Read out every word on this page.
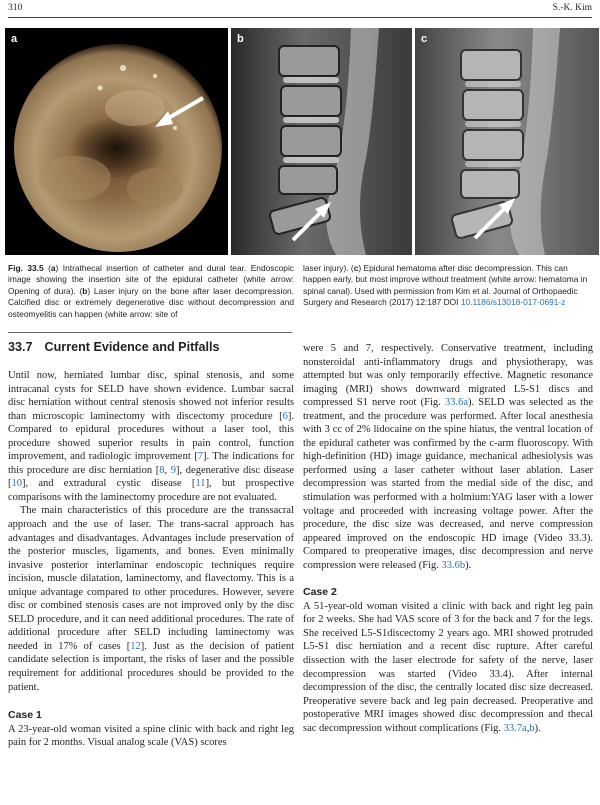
310	S.-K. Kim
a	b	c
Fig. 33.5 (a) Intrathecal insertion of catheter and dural tear. Endoscopic image showing the insertion site of the epidural catheter (white arrow: Opening of dura). (b) Laser injury on the bone after laser decompression. Calcified disc or extremely degenerative disc without decompression and osteomyelitis can happen (white arrow: site of
laser injury). (c) Epidural hematoma after disc decompression. This can happen early, but most improve without treatment (white arrow: hematoma in spinal canal). Used with permission from Kim et al. Journal of Orthopaedic Surgery and Research (2017) 12:187 DOI 10.1186/s13018-017-0691-z
33.7 Current Evidence and Pitfalls

Until now, herniated lumbar disc, spinal stenosis, and some intracanal cysts for SELD have shown evidence. Lumbar sacral disc herniation without central stenosis showed not inferior results than microscopic laminectomy with discectomy procedure [6]. Compared to epidural procedures without a laser tool, this procedure showed superior results in pain control, function improvement, and radiologic improvement [7]. The indications for this procedure are disc herniation [8, 9], degenerative disc disease [10], and extradural cystic disease [11], but prospective comparisons with the laminectomy procedure are not evaluated.

The main characteristics of this procedure are the transsacral approach and the use of laser. The trans-sacral approach has advantages and disadvantages. Advantages include preservation of the posterior muscles, ligaments, and bones. Even minimally invasive posterior interlaminar endoscopic techniques require incision, muscle dilatation, laminectomy, and flavectomy. This is a unique advantage compared to other procedures. However, severe disc or combined stenosis cases are not improved only by the disc SELD procedure, and it can need additional procedures. The rate of additional procedure after SELD including laminectomy was needed in 17% of cases [12]. Just as the decision of patient candidate selection is important, the risks of laser and the possible requirement for additional procedures should be provided to the patient.

Case 1

A 23-year-old woman visited a spine clinic with back and right leg pain for 2 months. Visual analog scale (VAS) scores

were 5 and 7, respectively. Conservative treatment, including nonsteroidal anti-inflammatory drugs and physiotherapy, was attempted but was only temporarily effective. Magnetic resonance imaging (MRI) shows downward migrated L5-S1 discs and compressed S1 nerve root (Fig. 33.6a). SELD was selected as the treatment, and the procedure was performed. After local anesthesia with 3 cc of 2% lidocaine on the spine hiatus, the ventral location of the epidural catheter was confirmed by the c-arm fluoroscopy. With high-definition (HD) image guidance, mechanical adhesiolysis was performed using a laser catheter without laser ablation. Laser decompression was started from the medial side of the disc, and stimulation was performed with a holmium:YAG laser with a lower voltage and proceeded with increasing voltage power. After the procedure, the disc size was decreased, and nerve compression appeared improved on the endoscopic HD image (Video 33.3). Compared to preoperative images, disc decompression and nerve compression were released (Fig. 33.6b).

Case 2

A 51-year-old woman visited a clinic with back and right leg pain for 2 weeks. She had VAS score of 3 for the back and 7 for the legs. She received L5-S1discectomy 2 years ago. MRI showed protruded L5-S1 disc herniation and a recent disc rupture. After careful dissection with the laser electrode for safety of the nerve, laser decompression was started (Video 33.4). After internal decompression of the disc, the centrally located disc size decreased. Preoperative severe back and leg pain decreased. Preoperative and postoperative MRI images showed disc decompression and thecal sac decompression without complications (Fig. 33.7a,b).
